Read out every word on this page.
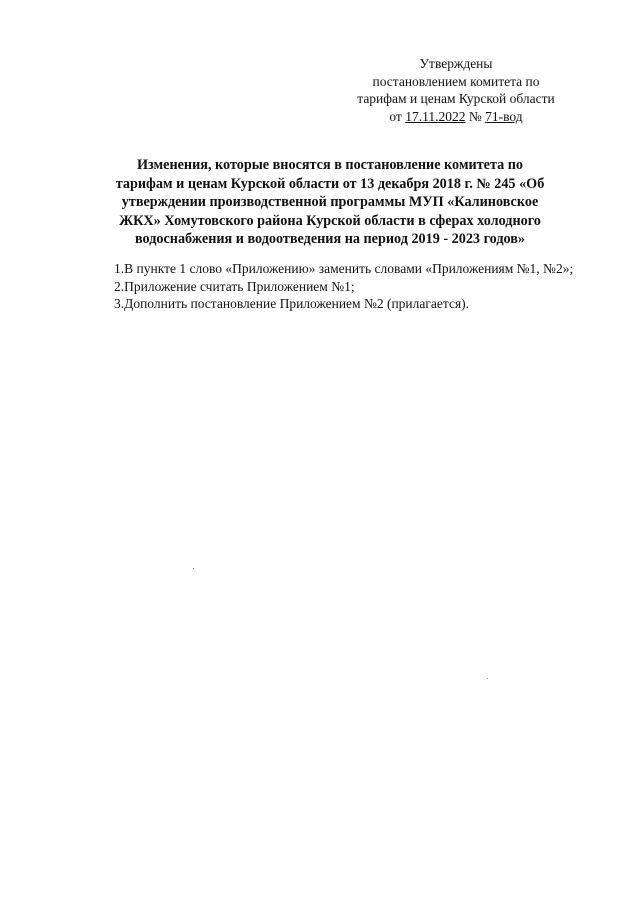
Утверждены
постановлением комитета по
тарифам и ценам Курской области
от 17.11.2022 № 71-вод
Изменения, которые вносятся в постановление комитета по
тарифам и ценам Курской области от 13 декабря 2018 г. № 245 «Об
утверждении производственной программы МУП «Калиновское
ЖКХ» Хомутовского района Курской области в сферах холодного
водоснабжения и водоотведения на период 2019 - 2023 годов»

1.В пункте 1 слово «Приложению» заменить словами «Приложениям №1, №2»;

2.Приложение считать Приложением №1;

3.Дополнить постановление Приложением №2 (прилагается).
